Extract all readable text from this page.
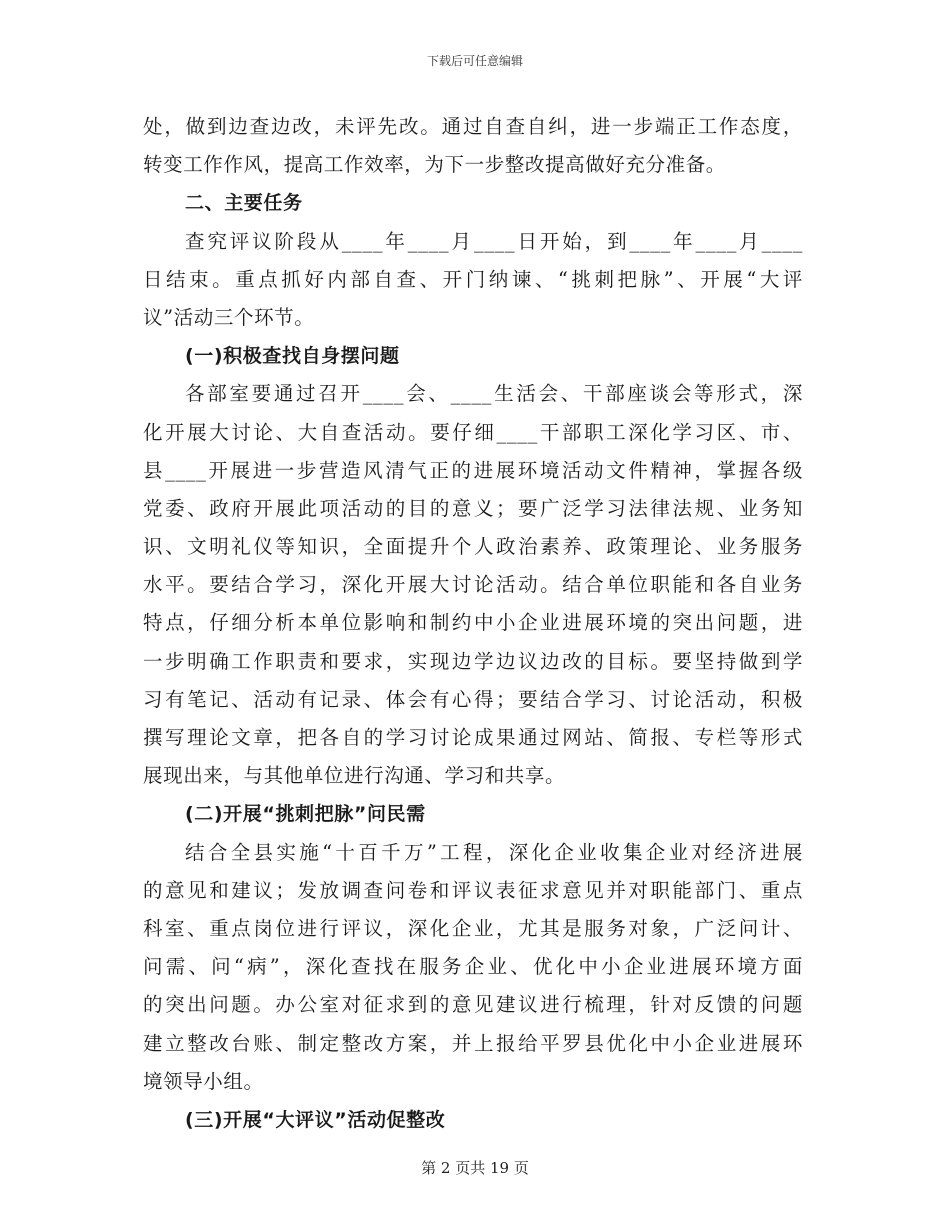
下载后可任意编辑
处，做到边查边改，未评先改。通过自查自纠，进一步端正工作态度，
转变工作作风，提高工作效率，为下一步整改提高做好充分准备。
二、主要任务
查究评议阶段从____年____月____日开始，到____年____月____
日结束。重点抓好内部自查、开门纳谏、“挑刺把脉”、开展“大评
议”活动三个环节。
(一)积极查找自身摆问题
各部室要通过召开____会、____生活会、干部座谈会等形式，深
化开展大讨论、大自查活动。要仔细____干部职工深化学习区、市、
县____开展进一步营造风清气正的进展环境活动文件精神，掌握各级
党委、政府开展此项活动的目的意义；要广泛学习法律法规、业务知
识、文明礼仪等知识，全面提升个人政治素养、政策理论、业务服务
水平。要结合学习，深化开展大讨论活动。结合单位职能和各自业务
特点，仔细分析本单位影响和制约中小企业进展环境的突出问题，进
一步明确工作职责和要求，实现边学边议边改的目标。要坚持做到学
习有笔记、活动有记录、体会有心得；要结合学习、讨论活动，积极
撰写理论文章，把各自的学习讨论成果通过网站、简报、专栏等形式
展现出来，与其他单位进行沟通、学习和共享。
(二)开展“挑刺把脉”问民需
结合全县实施“十百千万”工程，深化企业收集企业对经济进展
的意见和建议；发放调查问卷和评议表征求意见并对职能部门、重点
科室、重点岗位进行评议，深化企业，尤其是服务对象，广泛问计、
问需、问“病”，深化查找在服务企业、优化中小企业进展环境方面
的突出问题。办公室对征求到的意见建议进行梳理，针对反馈的问题
建立整改台账、制定整改方案，并上报给平罗县优化中小企业进展环
境领导小组。
(三)开展“大评议”活动促整改
第 2 页共 19 页
